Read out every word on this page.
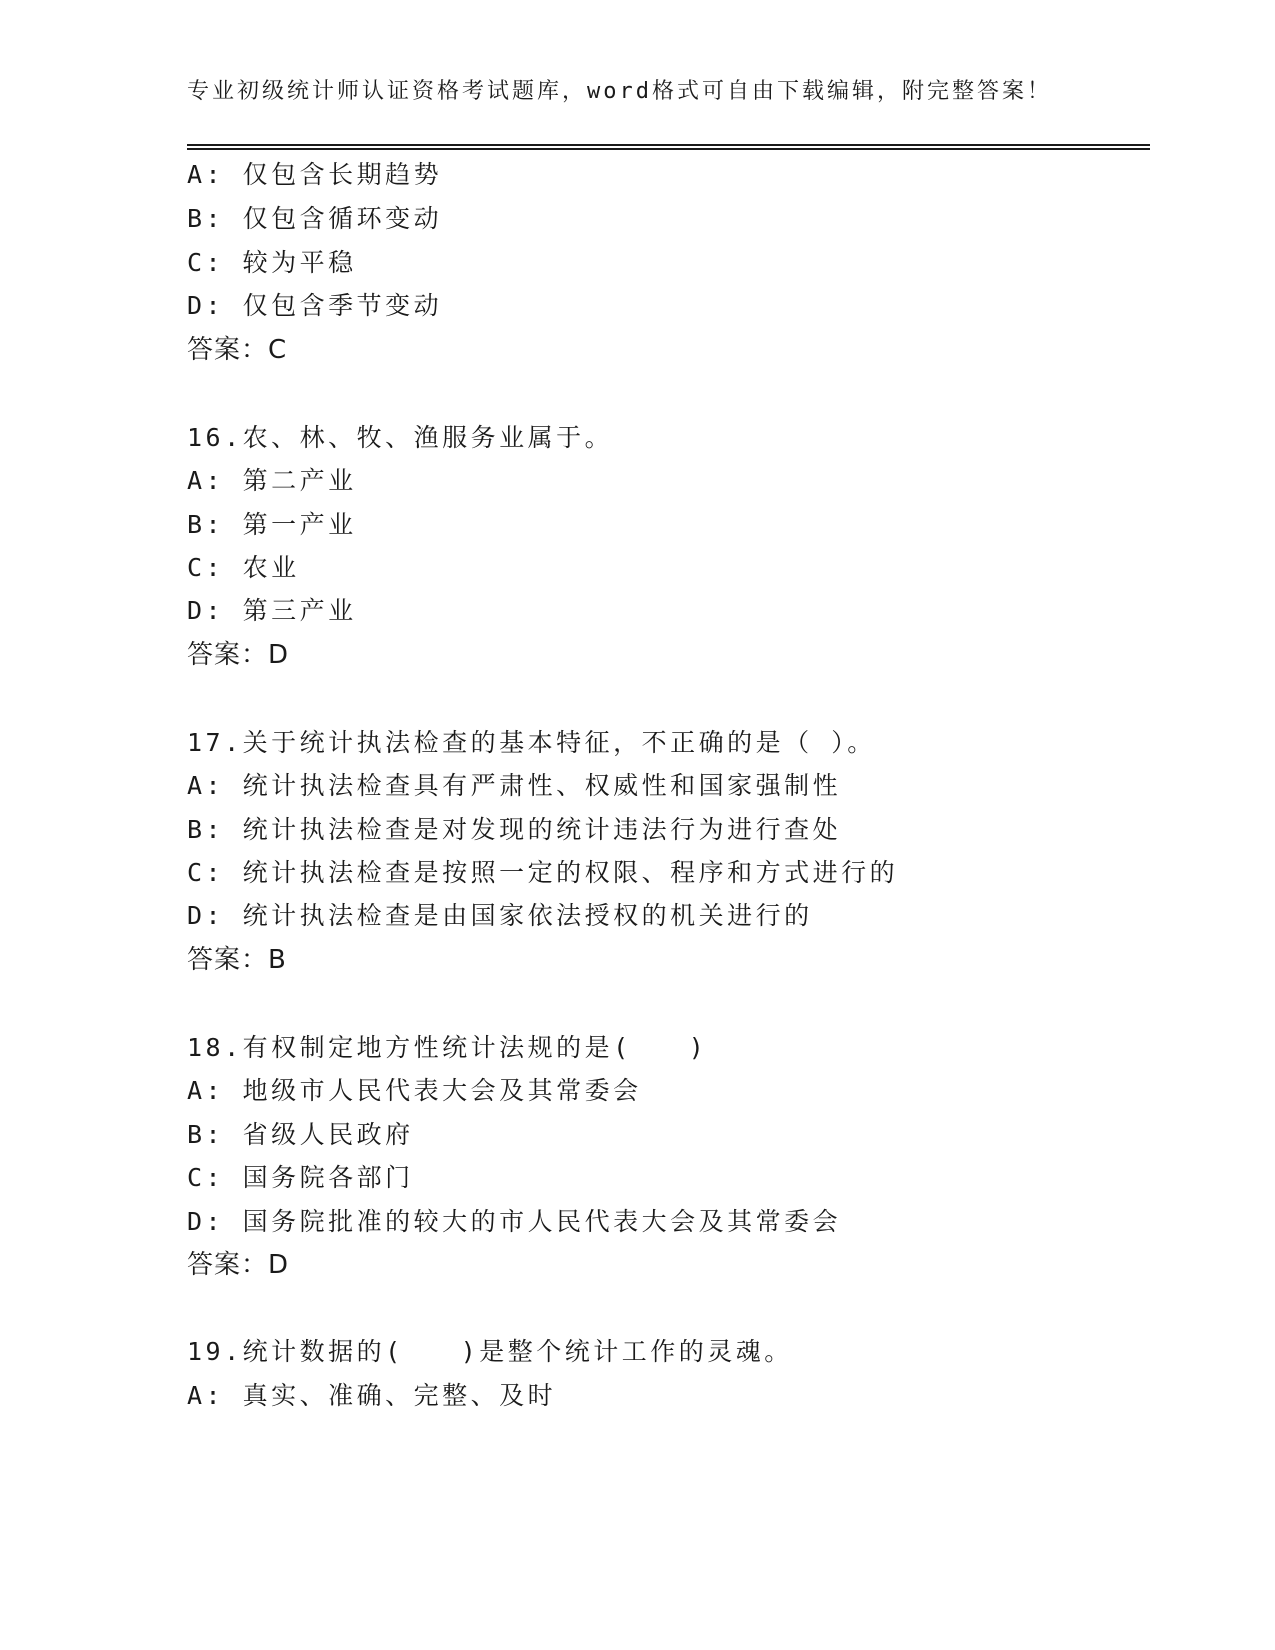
专业初级统计师认证资格考试题库，word格式可自由下载编辑，附完整答案！
A: 仅包含长期趋势
B: 仅包含循环变动
C: 较为平稳
D: 仅包含季节变动
答案：C
16.农、林、牧、渔服务业属于。
A: 第二产业
B: 第一产业
C: 农业
D: 第三产业
答案：D
17.关于统计执法检查的基本特征，不正确的是（ ）。
A: 统计执法检查具有严肃性、权威性和国家强制性
B: 统计执法检查是对发现的统计违法行为进行查处
C: 统计执法检查是按照一定的权限、程序和方式进行的
D: 统计执法检查是由国家依法授权的机关进行的
答案：B
18.有权制定地方性统计法规的是(　　)
A: 地级市人民代表大会及其常委会
B: 省级人民政府
C: 国务院各部门
D: 国务院批准的较大的市人民代表大会及其常委会
答案：D
19.统计数据的(　　)是整个统计工作的灵魂。
A: 真实、准确、完整、及时
